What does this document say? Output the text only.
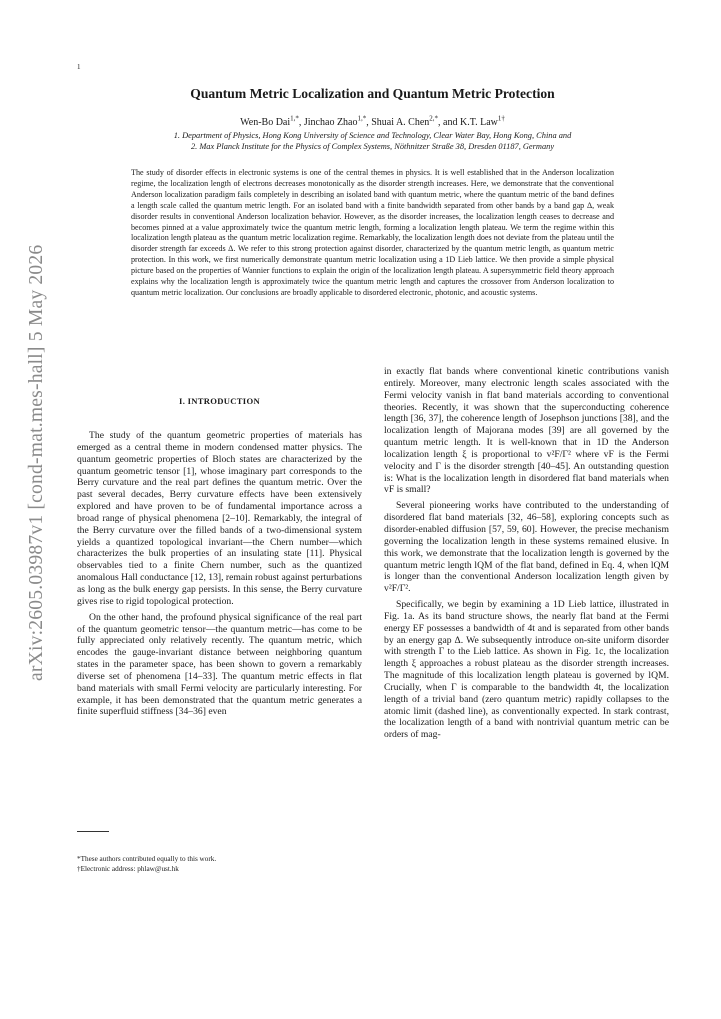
1
arXiv:2605.03987v1 [cond-mat.mes-hall] 5 May 2026
Quantum Metric Localization and Quantum Metric Protection
Wen-Bo Dai$^{1,*}$, Jinchao Zhao$^{1,*}$, Shuai A. Chen$^{2,*}$, and K.T. Law$^{1\dagger}$
1. Department of Physics, Hong Kong University of Science and Technology, Clear Water Bay, Hong Kong, China and
2. Max Planck Institute for the Physics of Complex Systems, Nöthnitzer Straße 38, Dresden 01187, Germany

The study of disorder effects in electronic systems is one of the central themes in physics. It is well established that in the Anderson localization regime, the localization length of electrons decreases monotonically as the disorder strength increases. Here, we demonstrate that the conventional Anderson localization paradigm fails completely in describing an isolated band with quantum metric, where the quantum metric of the band defines a length scale called the quantum metric length. For an isolated band with a finite bandwidth separated from other bands by a band gap Δ, weak disorder results in conventional Anderson localization behavior. However, as the disorder increases, the localization length ceases to decrease and becomes pinned at a value approximately twice the quantum metric length, forming a localization length plateau. We term the regime within this localization length plateau as the quantum metric localization regime. Remarkably, the localization length does not deviate from the plateau until the disorder strength far exceeds Δ. We refer to this strong protection against disorder, characterized by the quantum metric length, as quantum metric protection. In this work, we first numerically demonstrate quantum metric localization using a 1D Lieb lattice. We then provide a simple physical picture based on the properties of Wannier functions to explain the origin of the localization length plateau. A supersymmetric field theory approach explains why the localization length is approximately twice the quantum metric length and captures the crossover from Anderson localization to quantum metric localization. Our conclusions are broadly applicable to disordered electronic, photonic, and acoustic systems.

I. INTRODUCTION

The study of the quantum geometric properties of materials has emerged as a central theme in modern condensed matter physics. The quantum geometric properties of Bloch states are characterized by the quantum geometric tensor [1], whose imaginary part corresponds to the Berry curvature and the real part defines the quantum metric. Over the past several decades, Berry curvature effects have been extensively explored and have proven to be of fundamental importance across a broad range of physical phenomena [2–10]. Remarkably, the integral of the Berry curvature over the filled bands of a two-dimensional system yields a quantized topological invariant—the Chern number—which characterizes the bulk properties of an insulating state [11]. Physical observables tied to a finite Chern number, such as the quantized anomalous Hall conductance [12, 13], remain robust against perturbations as long as the bulk energy gap persists. In this sense, the Berry curvature gives rise to rigid topological protection.

On the other hand, the profound physical significance of the real part of the quantum geometric tensor—the quantum metric—has come to be fully appreciated only relatively recently. The quantum metric, which encodes the gauge-invariant distance between neighboring quantum states in the parameter space, has been shown to govern a remarkably diverse set of phenomena [14–33]. The quantum metric effects in flat band materials with small Fermi velocity are particularly interesting. For example, it has been demonstrated that the quantum metric generates a finite superfluid stiffness [34–36] even

in exactly flat bands where conventional kinetic contributions vanish entirely. Moreover, many electronic length scales associated with the Fermi velocity vanish in flat band materials according to conventional theories. Recently, it was shown that the superconducting coherence length [36, 37], the coherence length of Josephson junctions [38], and the localization length of Majorana modes [39] are all governed by the quantum metric length. It is well-known that in 1D the Anderson localization length ξ is proportional to v²F/Γ² where vF is the Fermi velocity and Γ is the disorder strength [40–45]. An outstanding question is: What is the localization length in disordered flat band materials when vF is small?

Several pioneering works have contributed to the understanding of disordered flat band materials [32, 46–58], exploring concepts such as disorder-enabled diffusion [57, 59, 60]. However, the precise mechanism governing the localization length in these systems remained elusive. In this work, we demonstrate that the localization length is governed by the quantum metric length lQM of the flat band, defined in Eq. 4, when lQM is longer than the conventional Anderson localization length given by v²F/Γ².

Specifically, we begin by examining a 1D Lieb lattice, illustrated in Fig. 1a. As its band structure shows, the nearly flat band at the Fermi energy EF possesses a bandwidth of 4t and is separated from other bands by an energy gap Δ. We subsequently introduce on-site uniform disorder with strength Γ to the Lieb lattice. As shown in Fig. 1c, the localization length ξ approaches a robust plateau as the disorder strength increases. The magnitude of this localization length plateau is governed by lQM. Crucially, when Γ is comparable to the bandwidth 4t, the localization length of a trivial band (zero quantum metric) rapidly collapses to the atomic limit (dashed line), as conventionally expected. In stark contrast, the localization length of a band with nontrivial quantum metric can be orders of mag-

*These authors contributed equally to this work.
†Electronic address: phlaw@ust.hk
